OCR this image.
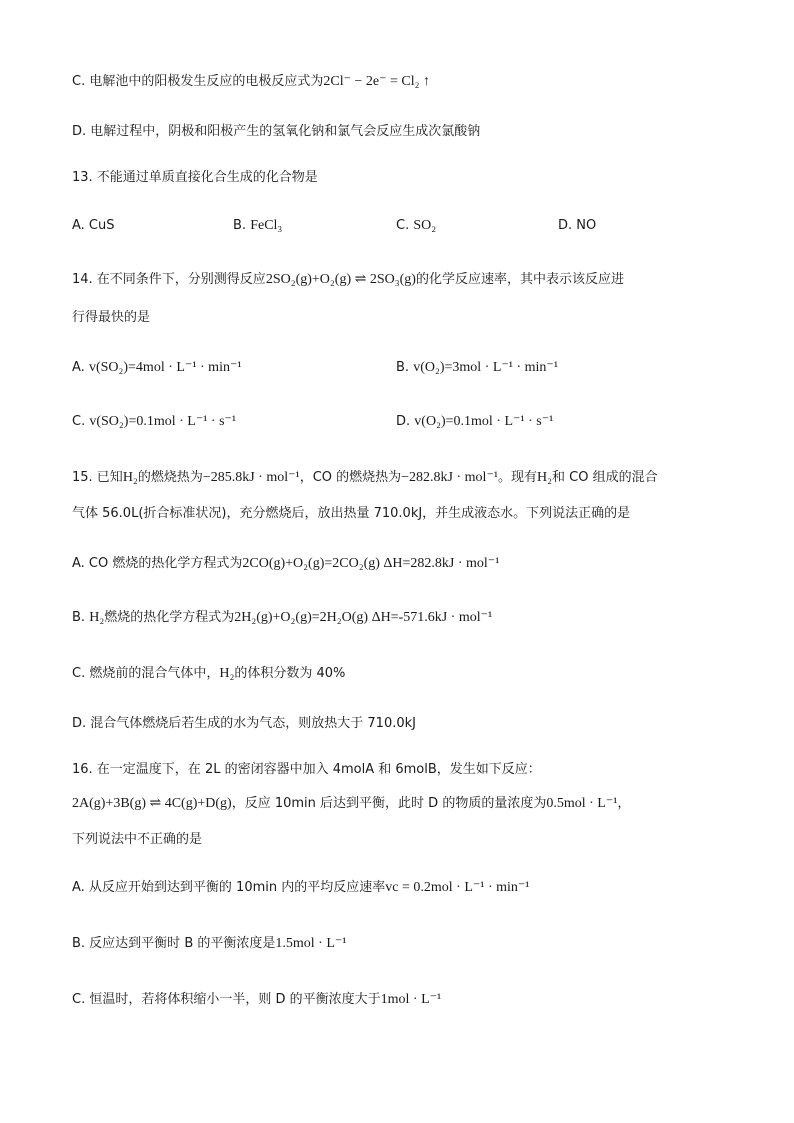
C. 电解池中的阳极发生反应的电极反应式为2Cl⁻ − 2e⁻ = Cl₂ ↑
D. 电解过程中，阴极和阳极产生的氢氧化钠和氯气会反应生成次氯酸钠
13. 不能通过单质直接化合生成的化合物是
A. CuS	B. FeCl₃	C. SO₂	D. NO
14. 在不同条件下，分别测得反应2SO₂(g)+O₂(g) ⇌ 2SO₃(g)的化学反应速率，其中表示该反应进
行得最快的是
A. v(SO₂)=4mol · L⁻¹ · min⁻¹	B. v(O₂)=3mol · L⁻¹ · min⁻¹
C. v(SO₂)=0.1mol · L⁻¹ · s⁻¹	D. v(O₂)=0.1mol · L⁻¹ · s⁻¹
15. 已知H₂的燃烧热为−285.8kJ · mol⁻¹，CO 的燃烧热为−282.8kJ · mol⁻¹。现有H₂和 CO 组成的混合
气体 56.0L(折合标准状况)，充分燃烧后，放出热量 710.0kJ，并生成液态水。下列说法正确的是
A. CO 燃烧的热化学方程式为2CO(g)+O₂(g)=2CO₂(g) ΔH=282.8kJ · mol⁻¹
B. H₂燃烧的热化学方程式为2H₂(g)+O₂(g)=2H₂O(g) ΔH=-571.6kJ · mol⁻¹
C. 燃烧前的混合气体中，H₂的体积分数为 40%
D. 混合气体燃烧后若生成的水为气态，则放热大于 710.0kJ
16. 在一定温度下，在 2L 的密闭容器中加入 4molA 和 6molB，发生如下反应：
2A(g)+3B(g) ⇌ 4C(g)+D(g)，反应 10min 后达到平衡，此时 D 的物质的量浓度为0.5mol · L⁻¹，
下列说法中不正确的是
A. 从反应开始到达到平衡的 10min 内的平均反应速率vc = 0.2mol · L⁻¹ · min⁻¹
B. 反应达到平衡时 B 的平衡浓度是1.5mol · L⁻¹
C. 恒温时，若将体积缩小一半，则 D 的平衡浓度大于1mol · L⁻¹
